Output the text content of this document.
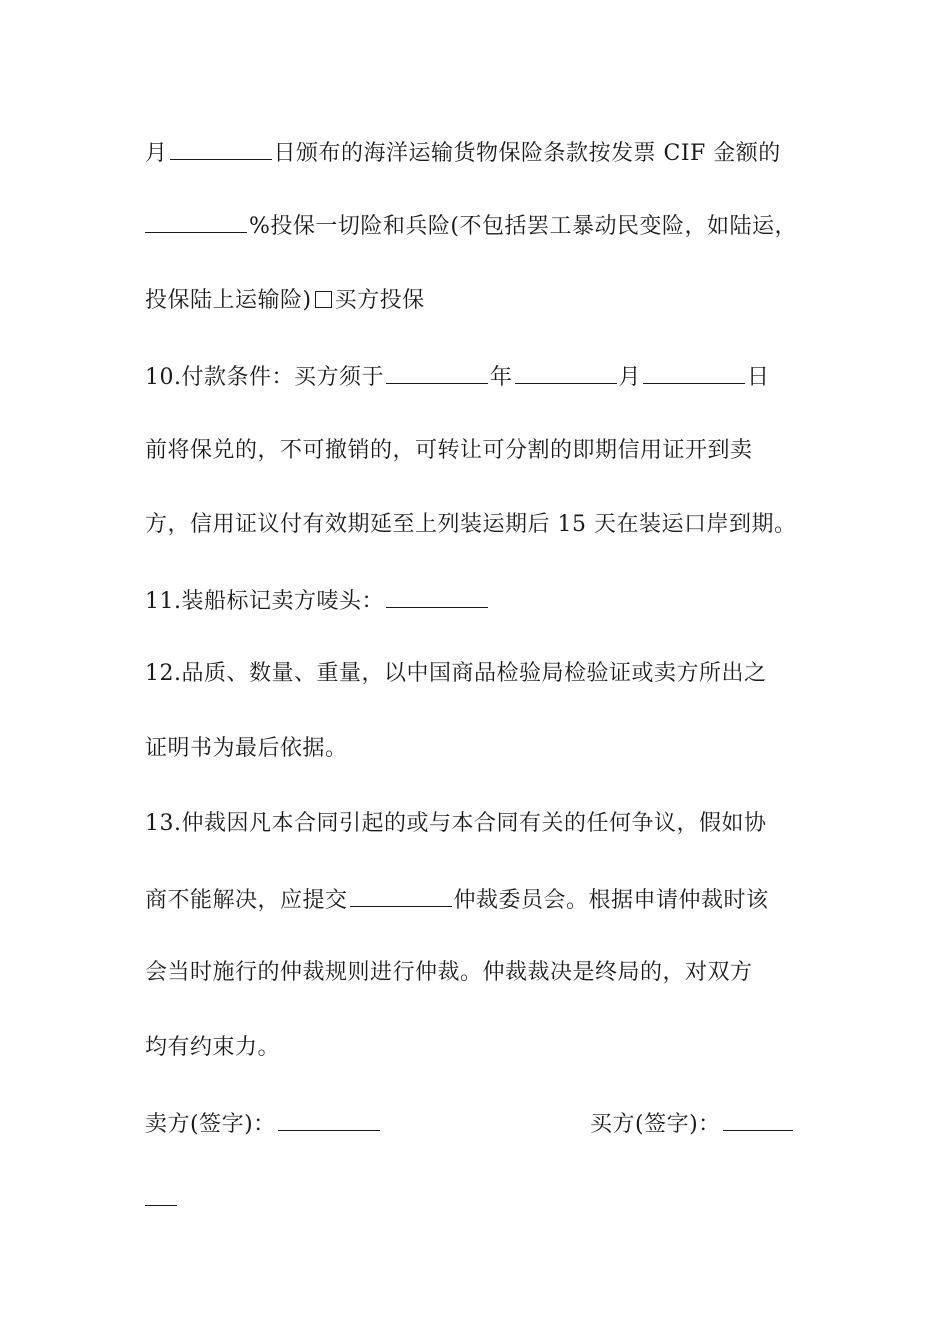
月	日颁布的海洋运输货物保险条款按发票 CIF 金额的
%投保一切险和兵险(不包括罢工暴动民变险，如陆运，
投保陆上运输险) 买方投保
10.付款条件：买方须于	年	月	日
前将保兑的，不可撤销的，可转让可分割的即期信用证开到卖
方，信用证议付有效期延至上列装运期后 15 天在装运口岸到期。
11.装船标记卖方唛头：
12.品质、数量、重量，以中国商品检验局检验证或卖方所出之
证明书为最后依据。
13.仲裁因凡本合同引起的或与本合同有关的任何争议，假如协
商不能解决，应提交	仲裁委员会。根据申请仲裁时该
会当时施行的仲裁规则进行仲裁。仲裁裁决是终局的，对双方
均有约束力。
卖方(签字)：	买方(签字)：
